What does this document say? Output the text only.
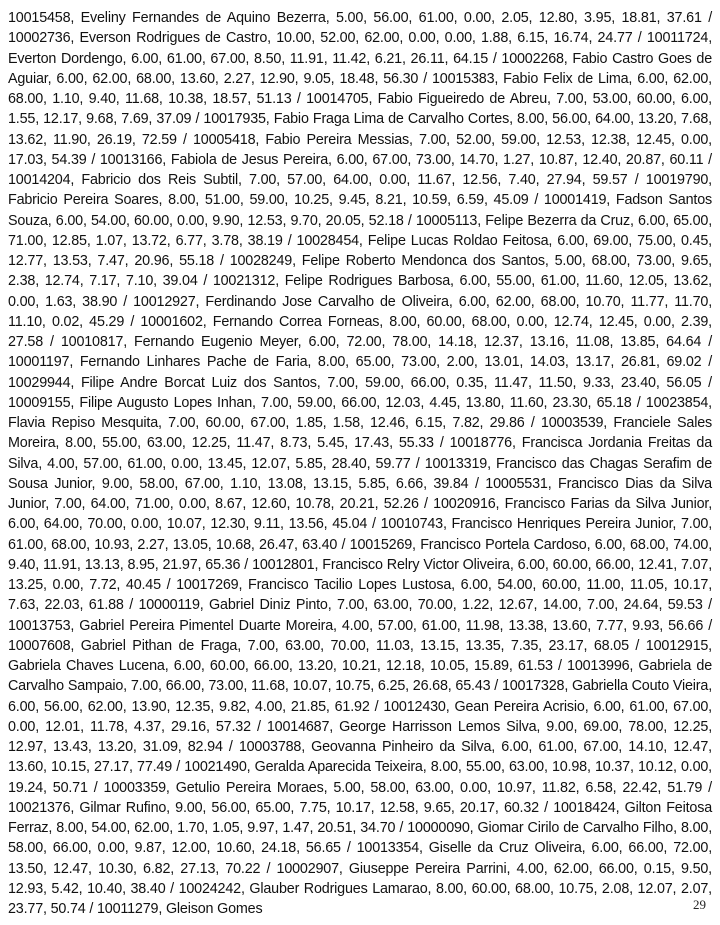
10015458, Eveliny Fernandes de Aquino Bezerra, 5.00, 56.00, 61.00, 0.00, 2.05, 12.80, 3.95, 18.81, 37.61 / 10002736, Everson Rodrigues de Castro, 10.00, 52.00, 62.00, 0.00, 0.00, 1.88, 6.15, 16.74, 24.77 / 10011724, Everton Dordengo, 6.00, 61.00, 67.00, 8.50, 11.91, 11.42, 6.21, 26.11, 64.15 / 10002268, Fabio Castro Goes de Aguiar, 6.00, 62.00, 68.00, 13.60, 2.27, 12.90, 9.05, 18.48, 56.30 / 10015383, Fabio Felix de Lima, 6.00, 62.00, 68.00, 1.10, 9.40, 11.68, 10.38, 18.57, 51.13 / 10014705, Fabio Figueiredo de Abreu, 7.00, 53.00, 60.00, 6.00, 1.55, 12.17, 9.68, 7.69, 37.09 / 10017935, Fabio Fraga Lima de Carvalho Cortes, 8.00, 56.00, 64.00, 13.20, 7.68, 13.62, 11.90, 26.19, 72.59 / 10005418, Fabio Pereira Messias, 7.00, 52.00, 59.00, 12.53, 12.38, 12.45, 0.00, 17.03, 54.39 / 10013166, Fabiola de Jesus Pereira, 6.00, 67.00, 73.00, 14.70, 1.27, 10.87, 12.40, 20.87, 60.11 / 10014204, Fabricio dos Reis Subtil, 7.00, 57.00, 64.00, 0.00, 11.67, 12.56, 7.40, 27.94, 59.57 / 10019790, Fabricio Pereira Soares, 8.00, 51.00, 59.00, 10.25, 9.45, 8.21, 10.59, 6.59, 45.09 / 10001419, Fadson Santos Souza, 6.00, 54.00, 60.00, 0.00, 9.90, 12.53, 9.70, 20.05, 52.18 / 10005113, Felipe Bezerra da Cruz, 6.00, 65.00, 71.00, 12.85, 1.07, 13.72, 6.77, 3.78, 38.19 / 10028454, Felipe Lucas Roldao Feitosa, 6.00, 69.00, 75.00, 0.45, 12.77, 13.53, 7.47, 20.96, 55.18 / 10028249, Felipe Roberto Mendonca dos Santos, 5.00, 68.00, 73.00, 9.65, 2.38, 12.74, 7.17, 7.10, 39.04 / 10021312, Felipe Rodrigues Barbosa, 6.00, 55.00, 61.00, 11.60, 12.05, 13.62, 0.00, 1.63, 38.90 / 10012927, Ferdinando Jose Carvalho de Oliveira, 6.00, 62.00, 68.00, 10.70, 11.77, 11.70, 11.10, 0.02, 45.29 / 10001602, Fernando Correa Forneas, 8.00, 60.00, 68.00, 0.00, 12.74, 12.45, 0.00, 2.39, 27.58 / 10010817, Fernando Eugenio Meyer, 6.00, 72.00, 78.00, 14.18, 12.37, 13.16, 11.08, 13.85, 64.64 / 10001197, Fernando Linhares Pache de Faria, 8.00, 65.00, 73.00, 2.00, 13.01, 14.03, 13.17, 26.81, 69.02 / 10029944, Filipe Andre Borcat Luiz dos Santos, 7.00, 59.00, 66.00, 0.35, 11.47, 11.50, 9.33, 23.40, 56.05 / 10009155, Filipe Augusto Lopes Inhan, 7.00, 59.00, 66.00, 12.03, 4.45, 13.80, 11.60, 23.30, 65.18 / 10023854, Flavia Repiso Mesquita, 7.00, 60.00, 67.00, 1.85, 1.58, 12.46, 6.15, 7.82, 29.86 / 10003539, Franciele Sales Moreira, 8.00, 55.00, 63.00, 12.25, 11.47, 8.73, 5.45, 17.43, 55.33 / 10018776, Francisca Jordania Freitas da Silva, 4.00, 57.00, 61.00, 0.00, 13.45, 12.07, 5.85, 28.40, 59.77 / 10013319, Francisco das Chagas Serafim de Sousa Junior, 9.00, 58.00, 67.00, 1.10, 13.08, 13.15, 5.85, 6.66, 39.84 / 10005531, Francisco Dias da Silva Junior, 7.00, 64.00, 71.00, 0.00, 8.67, 12.60, 10.78, 20.21, 52.26 / 10020916, Francisco Farias da Silva Junior, 6.00, 64.00, 70.00, 0.00, 10.07, 12.30, 9.11, 13.56, 45.04 / 10010743, Francisco Henriques Pereira Junior, 7.00, 61.00, 68.00, 10.93, 2.27, 13.05, 10.68, 26.47, 63.40 / 10015269, Francisco Portela Cardoso, 6.00, 68.00, 74.00, 9.40, 11.91, 13.13, 8.95, 21.97, 65.36 / 10012801, Francisco Relry Victor Oliveira, 6.00, 60.00, 66.00, 12.41, 7.07, 13.25, 0.00, 7.72, 40.45 / 10017269, Francisco Tacilio Lopes Lustosa, 6.00, 54.00, 60.00, 11.00, 11.05, 10.17, 7.63, 22.03, 61.88 / 10000119, Gabriel Diniz Pinto, 7.00, 63.00, 70.00, 1.22, 12.67, 14.00, 7.00, 24.64, 59.53 / 10013753, Gabriel Pereira Pimentel Duarte Moreira, 4.00, 57.00, 61.00, 11.98, 13.38, 13.60, 7.77, 9.93, 56.66 / 10007608, Gabriel Pithan de Fraga, 7.00, 63.00, 70.00, 11.03, 13.15, 13.35, 7.35, 23.17, 68.05 / 10012915, Gabriela Chaves Lucena, 6.00, 60.00, 66.00, 13.20, 10.21, 12.18, 10.05, 15.89, 61.53 / 10013996, Gabriela de Carvalho Sampaio, 7.00, 66.00, 73.00, 11.68, 10.07, 10.75, 6.25, 26.68, 65.43 / 10017328, Gabriella Couto Vieira, 6.00, 56.00, 62.00, 13.90, 12.35, 9.82, 4.00, 21.85, 61.92 / 10012430, Gean Pereira Acrisio, 6.00, 61.00, 67.00, 0.00, 12.01, 11.78, 4.37, 29.16, 57.32 / 10014687, George Harrisson Lemos Silva, 9.00, 69.00, 78.00, 12.25, 12.97, 13.43, 13.20, 31.09, 82.94 / 10003788, Geovanna Pinheiro da Silva, 6.00, 61.00, 67.00, 14.10, 12.47, 13.60, 10.15, 27.17, 77.49 / 10021490, Geralda Aparecida Teixeira, 8.00, 55.00, 63.00, 10.98, 10.37, 10.12, 0.00, 19.24, 50.71 / 10003359, Getulio Pereira Moraes, 5.00, 58.00, 63.00, 0.00, 10.97, 11.82, 6.58, 22.42, 51.79 / 10021376, Gilmar Rufino, 9.00, 56.00, 65.00, 7.75, 10.17, 12.58, 9.65, 20.17, 60.32 / 10018424, Gilton Feitosa Ferraz, 8.00, 54.00, 62.00, 1.70, 1.05, 9.97, 1.47, 20.51, 34.70 / 10000090, Giomar Cirilo de Carvalho Filho, 8.00, 58.00, 66.00, 0.00, 9.87, 12.00, 10.60, 24.18, 56.65 / 10013354, Giselle da Cruz Oliveira, 6.00, 66.00, 72.00, 13.50, 12.47, 10.30, 6.82, 27.13, 70.22 / 10002907, Giuseppe Pereira Parrini, 4.00, 62.00, 66.00, 0.15, 9.50, 12.93, 5.42, 10.40, 38.40 / 10024242, Glauber Rodrigues Lamarao, 8.00, 60.00, 68.00, 10.75, 2.08, 12.07, 2.07, 23.77, 50.74 / 10011279, Gleison Gomes	29
